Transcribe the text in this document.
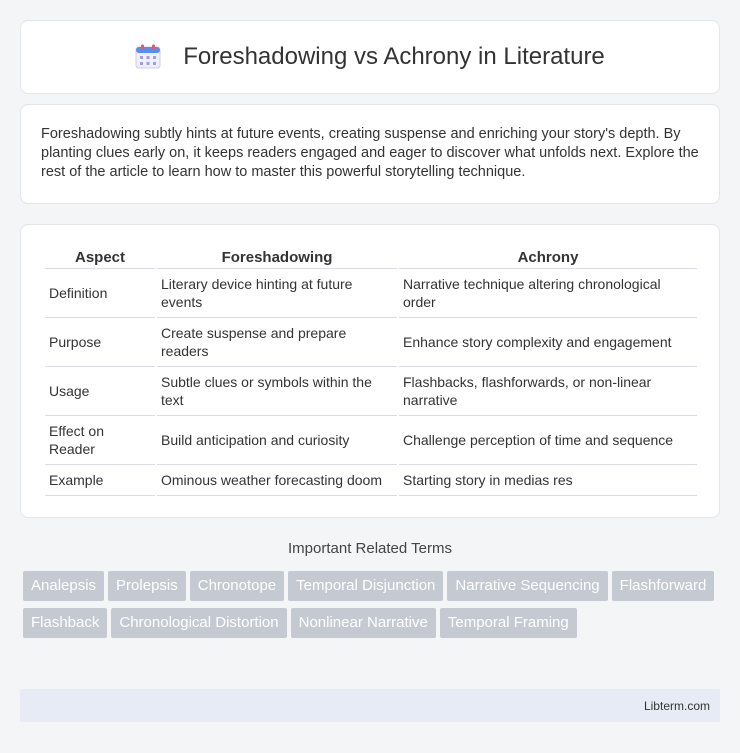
Foreshadowing vs Achrony in Literature

Foreshadowing subtly hints at future events, creating suspense and enriching your story's depth. By planting clues early on, it keeps readers engaged and eager to discover what unfolds next. Explore the rest of the article to learn how to master this powerful storytelling technique.

Aspect	Foreshadowing	Achrony
Definition	Literary device hinting at future events	Narrative technique altering chronological order
Purpose	Create suspense and prepare readers	Enhance story complexity and engagement
Usage	Subtle clues or symbols within the text	Flashbacks, flashforwards, or non-linear narrative
Effect on Reader	Build anticipation and curiosity	Challenge perception of time and sequence
Example	Ominous weather forecasting doom	Starting story in medias res
Important Related Terms
Analepsis Prolepsis Chronotope Temporal Disjunction Narrative Sequencing FlashforwardFlashback Chronological Distortion Nonlinear Narrative Temporal Framing
Libterm.com
